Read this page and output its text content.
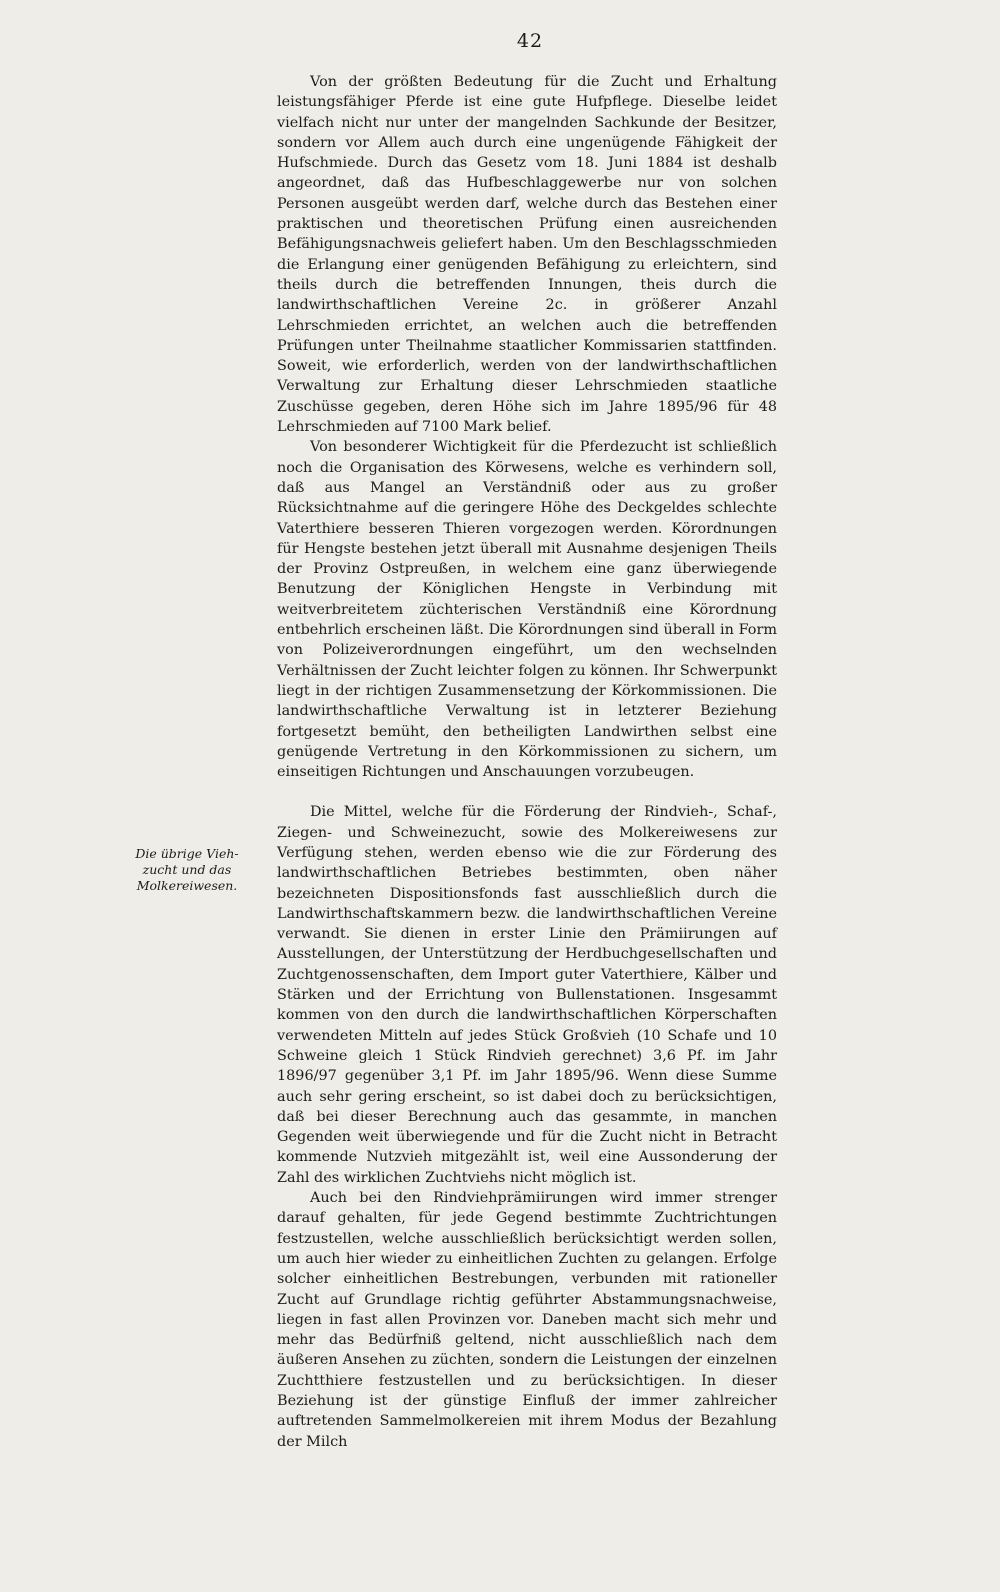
42
Die übrige Vieh-
zucht und das
Molkereiwesen.

Von der größten Bedeutung für die Zucht und Erhaltung leistungsfähiger Pferde ist eine gute Hufpflege. Dieselbe leidet vielfach nicht nur unter der mangelnden Sachkunde der Besitzer, sondern vor Allem auch durch eine ungenügende Fähigkeit der Hufschmiede. Durch das Gesetz vom 18. Juni 1884 ist deshalb angeordnet, daß das Hufbeschlaggewerbe nur von solchen Personen ausgeübt werden darf, welche durch das Bestehen einer praktischen und theoretischen Prüfung einen ausreichenden Befähigungsnachweis geliefert haben. Um den Beschlagsschmieden die Erlangung einer genügenden Befähigung zu erleichtern, sind theils durch die betreffenden Innungen, theis durch die landwirthschaftlichen Vereine 2c. in größerer Anzahl Lehrschmieden errichtet, an welchen auch die betreffenden Prüfungen unter Theilnahme staatlicher Kommissarien stattfinden. Soweit, wie erforderlich, werden von der landwirthschaftlichen Verwaltung zur Erhaltung dieser Lehrschmieden staatliche Zuschüsse gegeben, deren Höhe sich im Jahre 1895/96 für 48 Lehrschmieden auf 7100 Mark belief.

Von besonderer Wichtigkeit für die Pferdezucht ist schließlich noch die Organisation des Körwesens, welche es verhindern soll, daß aus Mangel an Verständniß oder aus zu großer Rücksichtnahme auf die geringere Höhe des Deckgeldes schlechte Vaterthiere besseren Thieren vorgezogen werden. Körordnungen für Hengste bestehen jetzt überall mit Ausnahme desjenigen Theils der Provinz Ostpreußen, in welchem eine ganz überwiegende Benutzung der Königlichen Hengste in Verbindung mit weitverbreitetem züchterischen Verständniß eine Körordnung entbehrlich erscheinen läßt. Die Körordnungen sind überall in Form von Polizeiverordnungen eingeführt, um den wechselnden Verhältnissen der Zucht leichter folgen zu können. Ihr Schwerpunkt liegt in der richtigen Zusammensetzung der Körkommissionen. Die landwirthschaftliche Verwaltung ist in letzterer Beziehung fortgesetzt bemüht, den betheiligten Landwirthen selbst eine genügende Vertretung in den Körkommissionen zu sichern, um einseitigen Richtungen und Anschauungen vorzubeugen.

Die Mittel, welche für die Förderung der Rindvieh-, Schaf-, Ziegen- und Schweinezucht, sowie des Molkereiwesens zur Verfügung stehen, werden ebenso wie die zur Förderung des landwirthschaftlichen Betriebes bestimmten, oben näher bezeichneten Dispositionsfonds fast ausschließlich durch die Landwirthschaftskammern bezw. die landwirthschaftlichen Vereine verwandt. Sie dienen in erster Linie den Prämiirungen auf Ausstellungen, der Unterstützung der Herdbuchgesellschaften und Zuchtgenossenschaften, dem Import guter Vaterthiere, Kälber und Stärken und der Errichtung von Bullenstationen. Insgesammt kommen von den durch die landwirthschaftlichen Körperschaften verwendeten Mitteln auf jedes Stück Großvieh (10 Schafe und 10 Schweine gleich 1 Stück Rindvieh gerechnet) 3,6 Pf. im Jahr 1896/97 gegenüber 3,1 Pf. im Jahr 1895/96. Wenn diese Summe auch sehr gering erscheint, so ist dabei doch zu berücksichtigen, daß bei dieser Berechnung auch das gesammte, in manchen Gegenden weit überwiegende und für die Zucht nicht in Betracht kommende Nutzvieh mitgezählt ist, weil eine Aussonderung der Zahl des wirklichen Zuchtviehs nicht möglich ist.

Auch bei den Rindviehprämiirungen wird immer strenger darauf gehalten, für jede Gegend bestimmte Zuchtrichtungen festzustellen, welche ausschließlich berücksichtigt werden sollen, um auch hier wieder zu einheitlichen Zuchten zu gelangen. Erfolge solcher einheitlichen Bestrebungen, verbunden mit rationeller Zucht auf Grundlage richtig geführter Abstammungsnachweise, liegen in fast allen Provinzen vor. Daneben macht sich mehr und mehr das Bedürfniß geltend, nicht ausschließlich nach dem äußeren Ansehen zu züchten, sondern die Leistungen der einzelnen Zuchtthiere festzustellen und zu berücksichtigen. In dieser Beziehung ist der günstige Einfluß der immer zahlreicher auftretenden Sammelmolkereien mit ihrem Modus der Bezahlung der Milch
